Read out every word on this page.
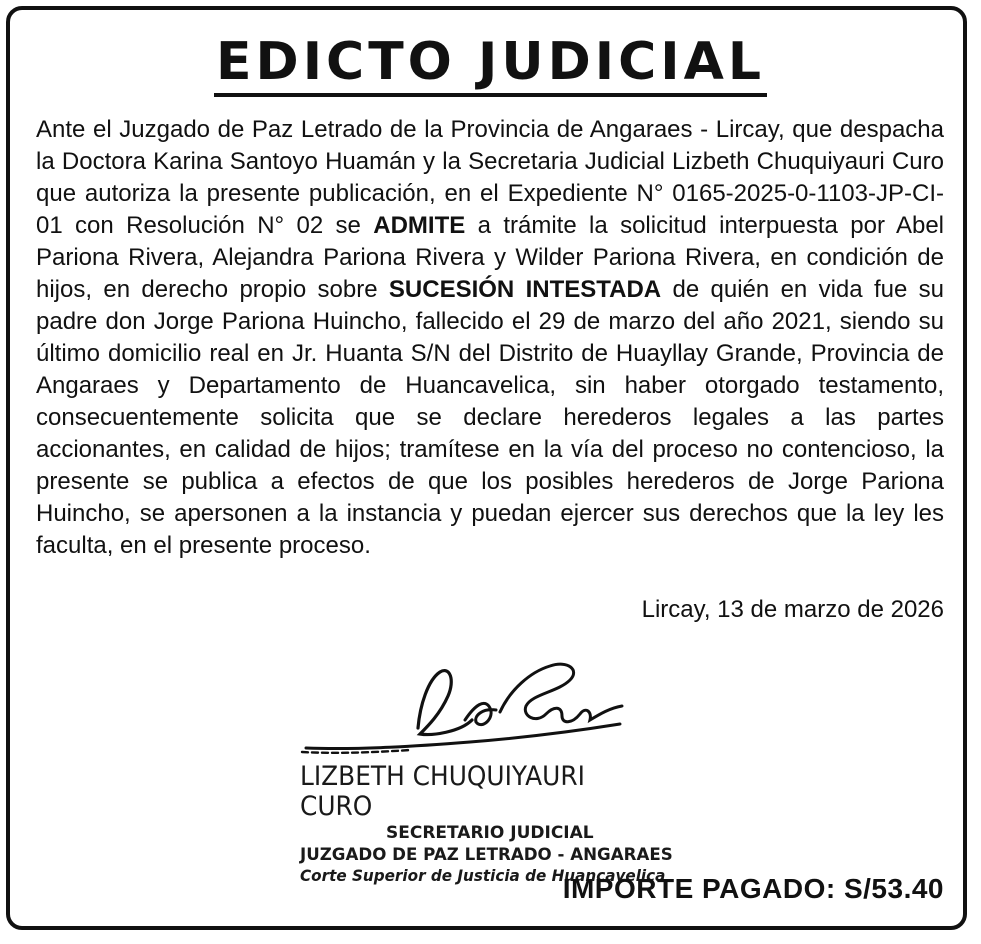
EDICTO JUDICIAL

Ante el Juzgado de Paz Letrado de la Provincia de Angaraes - Lircay, que despacha la Doctora Karina Santoyo Huamán y la Secretaria Judicial Lizbeth Chuquiyauri Curo que autoriza la presente publicación, en el Expediente N° 0165-2025-0-1103-JP-CI-01 con Resolución N° 02 se ADMITE a trámite la solicitud interpuesta por Abel Pariona Rivera, Alejandra Pariona Rivera y Wilder Pariona Rivera, en condición de hijos, en derecho propio sobre SUCESIÓN INTESTADA de quién en vida fue su padre don Jorge Pariona Huincho, fallecido el 29 de marzo del año 2021, siendo su último domicilio real en Jr. Huanta S/N del Distrito de Huayllay Grande, Provincia de Angaraes y Departamento de Huancavelica, sin haber otorgado testamento, consecuentemente solicita que se declare herederos legales a las partes accionantes, en calidad de hijos; tramítese en la vía del proceso no contencioso, la presente se publica a efectos de que los posibles herederos de Jorge Pariona Huincho, se apersonen a la instancia y puedan ejercer sus derechos que la ley les faculta, en el presente proceso.

Lircay, 13 de marzo de 2026

LIZBETH CHUQUIYAURI CURO
SECRETARIO JUDICIAL
JUZGADO DE PAZ LETRADO - ANGARAES
Corte Superior de Justicia de Huancavelica

IMPORTE PAGADO: S/53.40
